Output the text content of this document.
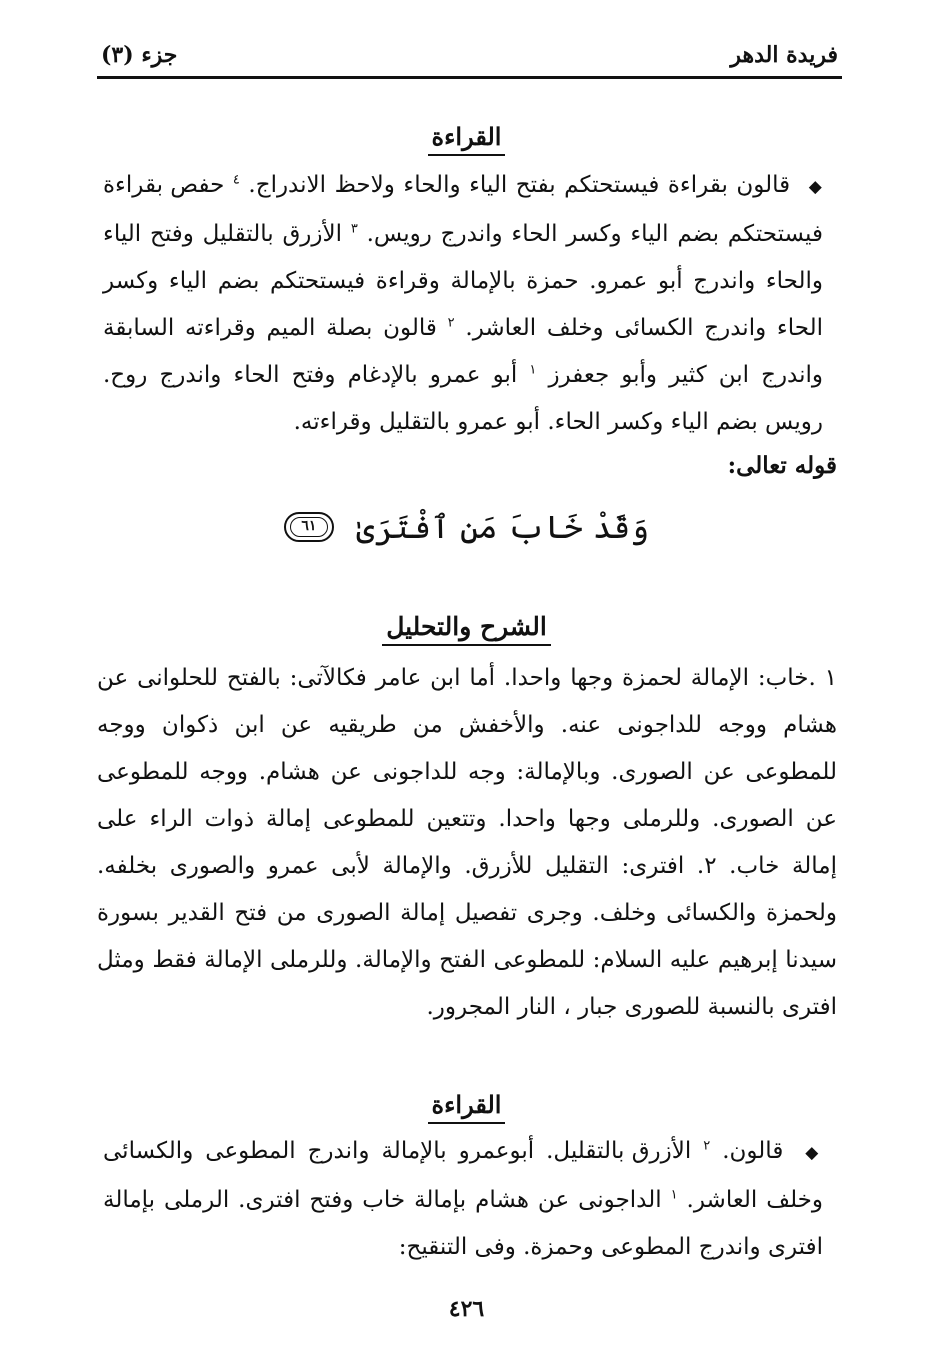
فريدة الدهر
جزء (٣)
القراءة
◆ قالون بقراءة فيستحتكم بفتح الياء والحاء ولاحظ الاندراج. $^٤$ حفص بقراءة فيستحتكم بضم الياء وكسر الحاء واندرج رويس. $^٣$ الأزرق بالتقليل وفتح الياء والحاء واندرج أبو عمرو. حمزة بالإمالة وقراءة فيستحتكم بضم الياء وكسر الحاء واندرج الكسائى وخلف العاشر. $^٢$ قالون بصلة الميم وقراءته السابقة واندرج ابن كثير وأبو جعفرز $^١$ أبو عمرو بالإدغام وفتح الحاء واندرج روح. رويس بضم الياء وكسر الحاء. أبو عمرو بالتقليل وقراءته.
قوله تعالى:
وَقَدْ خَابَ مَنِ ٱفْتَرَىٰ
٦١
الشرح والتحليل
١ .خاب: الإمالة لحمزة وجها واحدا. أما ابن عامر فكالآتى: بالفتح للحلوانى عن هشام ووجه للداجونى عنه. والأخفش من طريقيه عن ابن ذكوان ووجه للمطوعى عن الصورى. وبالإمالة: وجه للداجونى عن هشام. ووجه للمطوعى عن الصورى. وللرملى وجها واحدا. وتتعين للمطوعى إمالة ذوات الراء على إمالة خاب. ٢. افترى: التقليل للأزرق. والإمالة لأبى عمرو والصورى بخلفه. ولحمزة والكسائى وخلف. وجرى تفصيل إمالة الصورى من فتح القدير بسورة سيدنا إبرهيم عليه السلام: للمطوعى الفتح والإمالة. وللرملى الإمالة فقط ومثل افترى بالنسبة للصورى جبار ، النار المجرور.
القراءة
◆ قالون. $^٢$ الأزرق بالتقليل. أبوعمرو بالإمالة واندرج المطوعى والكسائى وخلف العاشر. $^١$ الداجونى عن هشام بإمالة خاب وفتح افترى. الرملى بإمالة افترى واندرج المطوعى وحمزة. وفى التنقيح:
٤٢٦
